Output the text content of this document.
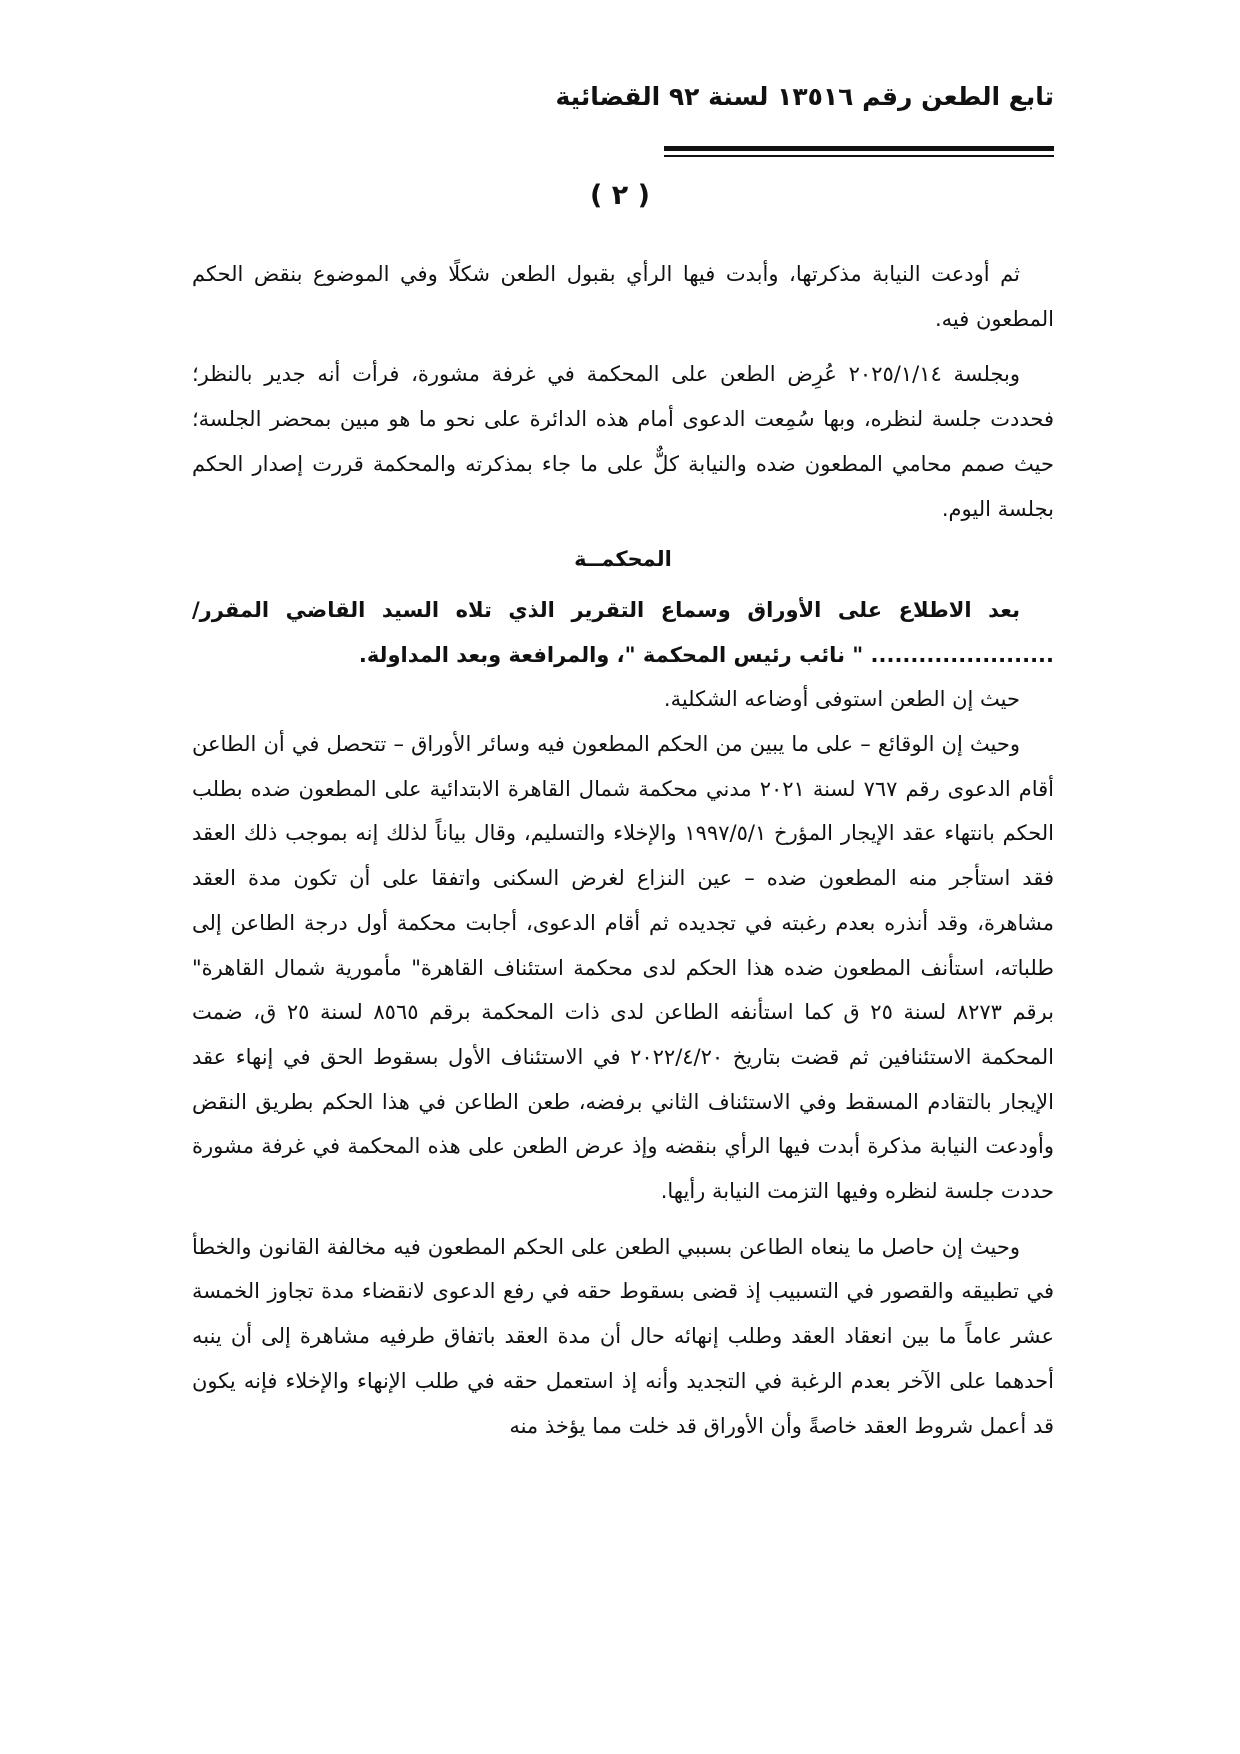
تابع الطعن رقم ١٣٥١٦ لسنة ٩٢ القضائية
( ٢ )

ثم أودعت النيابة مذكرتها، وأبدت فيها الرأي بقبول الطعن شكلًا وفي الموضوع بنقض الحكم المطعون فيه.

وبجلسة ٢٠٢٥/١/١٤ عُرِض الطعن على المحكمة في غرفة مشورة، فرأت أنه جدير بالنظر؛ فحددت جلسة لنظره، وبها سُمِعت الدعوى أمام هذه الدائرة على نحو ما هو مبين بمحضر الجلسة؛ حيث صمم محامي المطعون ضده والنيابة كلٌّ على ما جاء بمذكرته والمحكمة قررت إصدار الحكم بجلسة اليوم.

المحكمــة

بعد الاطلاع على الأوراق وسماع التقرير الذي تلاه السيد القاضي المقرر/ ....................... " نائب رئيس المحكمة "، والمرافعة وبعد المداولة.

حيث إن الطعن استوفى أوضاعه الشكلية.

وحيث إن الوقائع – على ما يبين من الحكم المطعون فيه وسائر الأوراق – تتحصل في أن الطاعن أقام الدعوى رقم ٧٦٧ لسنة ٢٠٢١ مدني محكمة شمال القاهرة الابتدائية على المطعون ضده بطلب الحكم بانتهاء عقد الإيجار المؤرخ ١٩٩٧/٥/١ والإخلاء والتسليم، وقال بياناً لذلك إنه بموجب ذلك العقد فقد استأجر منه المطعون ضده – عين النزاع لغرض السكنى واتفقا على أن تكون مدة العقد مشاهرة، وقد أنذره بعدم رغبته في تجديده ثم أقام الدعوى، أجابت محكمة أول درجة الطاعن إلى طلباته، استأنف المطعون ضده هذا الحكم لدى محكمة استئناف القاهرة" مأمورية شمال القاهرة" برقم ٨٢٧٣ لسنة ٢٥ ق كما استأنفه الطاعن لدى ذات المحكمة برقم ٨٥٦٥ لسنة ٢٥ ق، ضمت المحكمة الاستئنافين ثم قضت بتاريخ ٢٠٢٢/٤/٢٠ في الاستئناف الأول بسقوط الحق في إنهاء عقد الإيجار بالتقادم المسقط وفي الاستئناف الثاني برفضه، طعن الطاعن في هذا الحكم بطريق النقض وأودعت النيابة مذكرة أبدت فيها الرأي بنقضه وإذ عرض الطعن على هذه المحكمة في غرفة مشورة حددت جلسة لنظره وفيها التزمت النيابة رأيها.

وحيث إن حاصل ما ينعاه الطاعن بسببي الطعن على الحكم المطعون فيه مخالفة القانون والخطأ في تطبيقه والقصور في التسبيب إذ قضى بسقوط حقه في رفع الدعوى لانقضاء مدة تجاوز الخمسة عشر عاماً ما بين انعقاد العقد وطلب إنهائه حال أن مدة العقد باتفاق طرفيه مشاهرة إلى أن ينبه أحدهما على الآخر بعدم الرغبة في التجديد وأنه إذ استعمل حقه في طلب الإنهاء والإخلاء فإنه يكون قد أعمل شروط العقد خاصةً وأن الأوراق قد خلت مما يؤخذ منه
